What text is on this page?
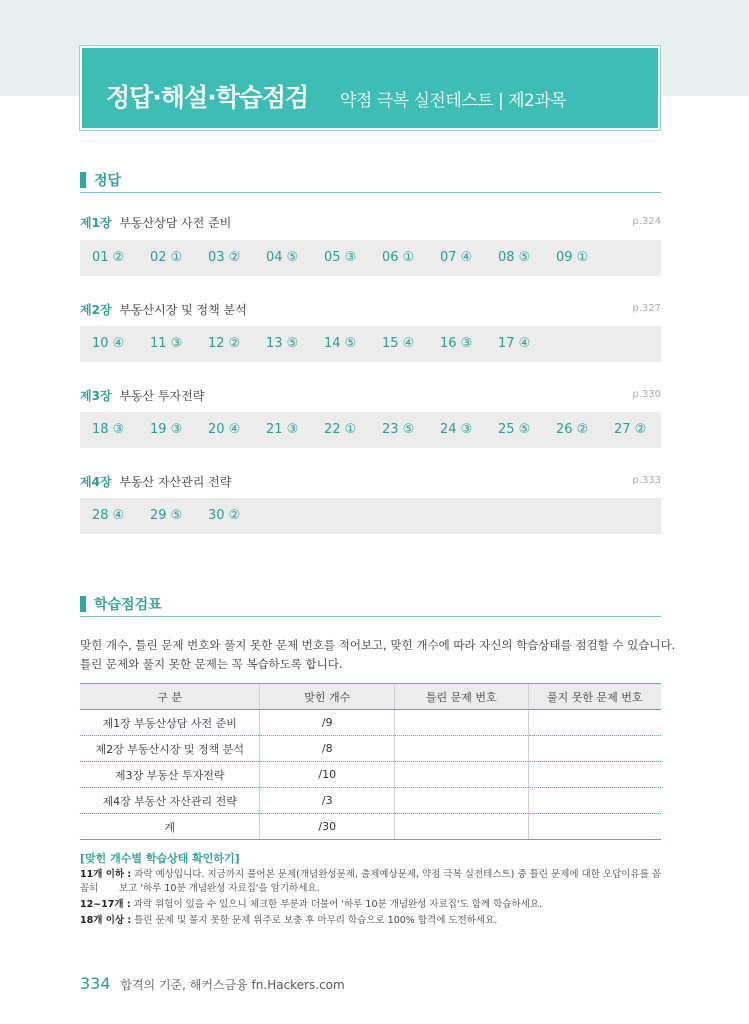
정답·해설·학습점검 약점 극복 실전테스트 | 제2과목
정답
제1장 부동산상담 사전 준비	p.324
01 ② 02 ① 03 ② 04 ⑤ 05 ③ 06 ① 07 ④ 08 ⑤ 09 ①
제2장 부동산시장 및 정책 분석	p.327
10 ④ 11 ③ 12 ② 13 ⑤ 14 ⑤ 15 ④ 16 ③ 17 ④
제3장 부동산 투자전략	p.330
18 ③ 19 ③ 20 ④ 21 ③ 22 ① 23 ⑤ 24 ③ 25 ⑤ 26 ② 27 ②
제4장 부동산 자산관리 전략	p.333
28 ④ 29 ⑤ 30 ②
학습점검표
맞힌 개수, 틀린 문제 번호와 풀지 못한 문제 번호를 적어보고, 맞힌 개수에 따라 자신의 학습상태를 점검할 수 있습니다.
틀린 문제와 풀지 못한 문제는 꼭 복습하도록 합니다.
구 분	맞힌 개수	틀린 문제 번호	풀지 못한 문제 번호
제1장 부동산상담 사전 준비	/9		
제2장 부동산시장 및 정책 분석	/8		
제3장 부동산 투자전략	/10		
제4장 부동산 자산관리 전략	/3		
계	/30		
[맞힌 개수별 학습상태 확인하기]
11개 이하 : 과락 예상입니다. 지금까지 풀어본 문제(개념완성문제, 출제예상문제, 약점 극복 실전테스트) 중 틀린 문제에 대한 오답이유를 꼼꼼히	보고 '하루 10분 개념완성 자료집'을 암기하세요.
12~17개 : 과락 위험이 있을 수 있으니 체크한 부분과 더불어 '하루 10분 개념완성 자료집'도 함께 학습하세요.
18개 이상 : 틀린 문제 및 풀지 못한 문제 위주로 보충 후 마무리 학습으로 100% 합격에 도전하세요.
334 합격의 기준, 해커스금융 fn.Hackers.com
